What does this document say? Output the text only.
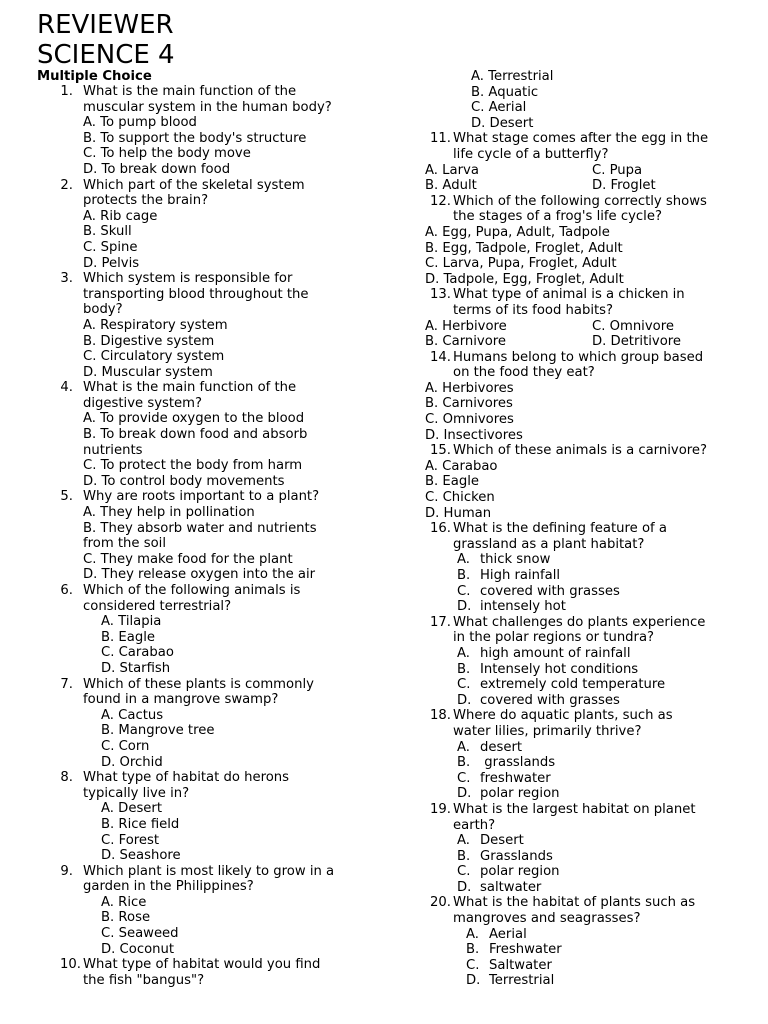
REVIEWER
SCIENCE 4
Multiple Choice
1. What is the main function of the
muscular system in the human body?
A. To pump blood
B. To support the body's structure
C. To help the body move
D. To break down food
2. Which part of the skeletal system
protects the brain?
A. Rib cage
B. Skull
C. Spine
D. Pelvis
3. Which system is responsible for
transporting blood throughout the
body?
A. Respiratory system
B. Digestive system
C. Circulatory system
D. Muscular system
4. What is the main function of the
digestive system?
A. To provide oxygen to the blood
B. To break down food and absorb
nutrients
C. To protect the body from harm
D. To control body movements
5. Why are roots important to a plant?
A. They help in pollination
B. They absorb water and nutrients
from the soil
C. They make food for the plant
D. They release oxygen into the air
6. Which of the following animals is
considered terrestrial?
A. Tilapia
B. Eagle
C. Carabao
D. Starfish
7. Which of these plants is commonly
found in a mangrove swamp?
A. Cactus
B. Mangrove tree
C. Corn
D. Orchid
8. What type of habitat do herons
typically live in?
A. Desert
B. Rice field
C. Forest
D. Seashore
9. Which plant is most likely to grow in a
garden in the Philippines?
A. Rice
B. Rose
C. Seaweed
D. Coconut
10. What type of habitat would you find
the fish "bangus"?
A. Terrestrial
B. Aquatic
C. Aerial
D. Desert
11. What stage comes after the egg in the
life cycle of a butterfly?
A. Larva	C. Pupa
B. Adult	D. Froglet
12. Which of the following correctly shows
the stages of a frog's life cycle?
A. Egg, Pupa, Adult, Tadpole
B. Egg, Tadpole, Froglet, Adult
C. Larva, Pupa, Froglet, Adult
D. Tadpole, Egg, Froglet, Adult
13. What type of animal is a chicken in
terms of its food habits?
A. Herbivore	C. Omnivore
B. Carnivore	D. Detritivore
14. Humans belong to which group based
on the food they eat?
A. Herbivores
B. Carnivores
C. Omnivores
D. Insectivores
15. Which of these animals is a carnivore?
A. Carabao
B. Eagle
C. Chicken
D. Human
16. What is the defining feature of a
grassland as a plant habitat?
A. thick snow
B. High rainfall
C. covered with grasses
D. intensely hot
17. What challenges do plants experience
in the polar regions or tundra?
A. high amount of rainfall
B. Intensely hot conditions
C. extremely cold temperature
D. covered with grasses
18. Where do aquatic plants, such as
water lilies, primarily thrive?
A. desert
B. grasslands
C. freshwater
D. polar region
19. What is the largest habitat on planet
earth?
A. Desert
B. Grasslands
C. polar region
D. saltwater
20. What is the habitat of plants such as
mangroves and seagrasses?
A. Aerial
B. Freshwater
C. Saltwater
D. Terrestrial
